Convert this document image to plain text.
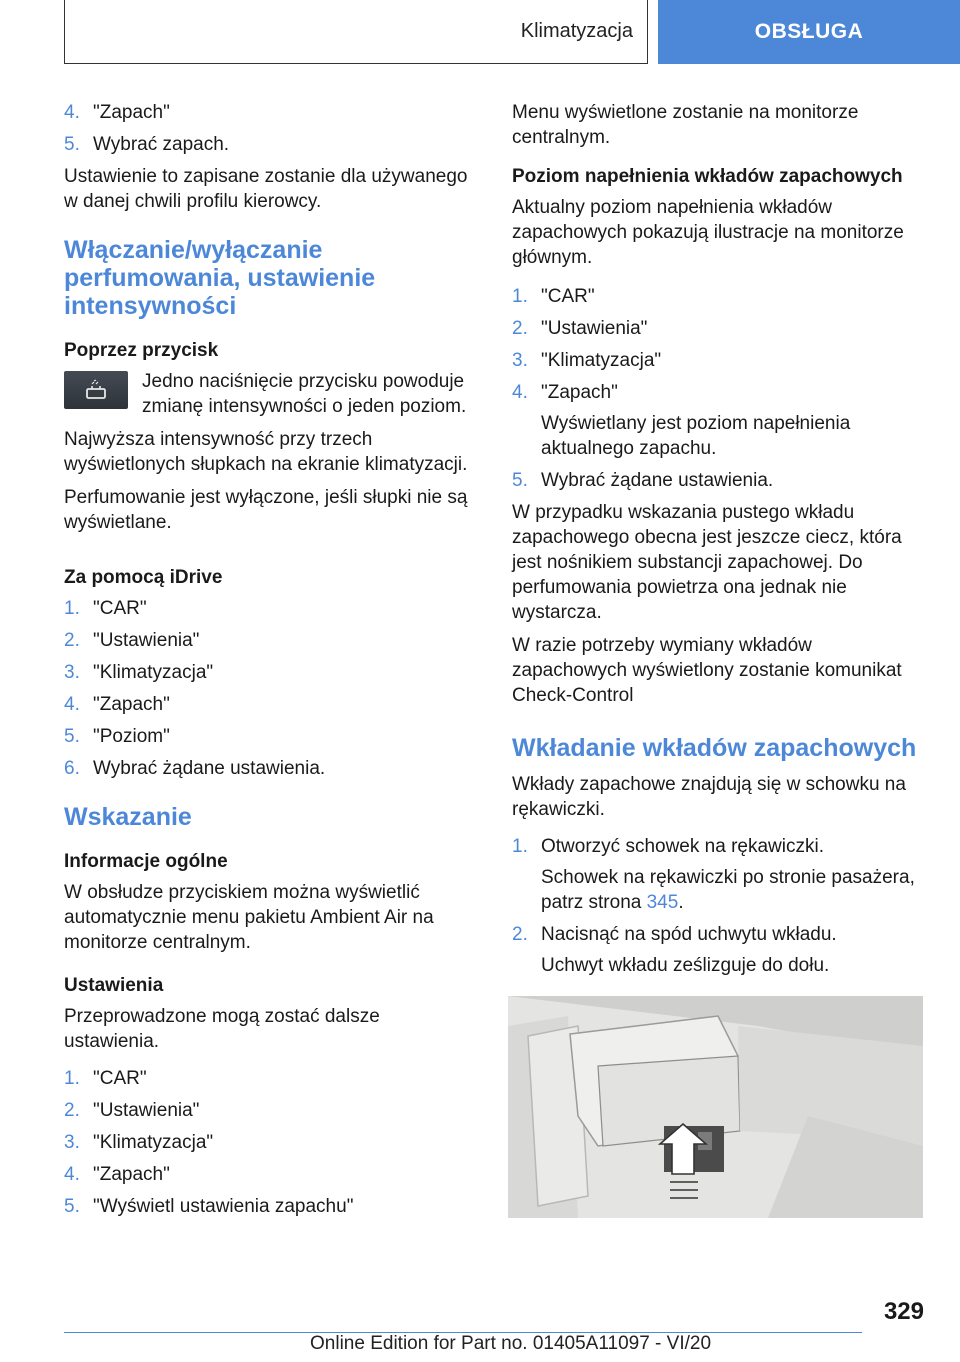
Klimatyzacja	OBSŁUGA
4. "Zapach"
5. Wybrać zapach.

Ustawienie to zapisane zostanie dla używanego w danej chwili profilu kierowcy.

Włączanie/wyłączanie perfumowania, ustawienie intensywności
Poprzez przycisk
Jedno naciśnięcie przycisku powoduje zmianę intensywności o jeden poziom.

Najwyższa intensywność przy trzech wyświetlonych słupkach na ekranie klimatyzacji.

Perfumowanie jest wyłączone, jeśli słupki nie są wyświetlane.

Za pomocą iDrive
1. "CAR"
2. "Ustawienia"
3. "Klimatyzacja"
4. "Zapach"
5. "Poziom"
6. Wybrać żądane ustawienia.
Wskazanie
Informacje ogólne

W obsłudze przyciskiem można wyświetlić automatycznie menu pakietu Ambient Air na monitorze centralnym.

Ustawienia

Przeprowadzone mogą zostać dalsze ustawienia.

1. "CAR"
2. "Ustawienia"
3. "Klimatyzacja"
4. "Zapach"
5. "Wyświetl ustawienia zapachu"

Menu wyświetlone zostanie na monitorze centralnym.

Poziom napełnienia wkładów zapachowych

Aktualny poziom napełnienia wkładów zapachowych pokazują ilustracje na monitorze głównym.

1. "CAR"
2. "Ustawienia"
3. "Klimatyzacja"
4. "Zapach"
Wyświetlany jest poziom napełnienia aktualnego zapachu.
5. Wybrać żądane ustawienia.

W przypadku wskazania pustego wkładu zapachowego obecna jest jeszcze ciecz, która jest nośnikiem substancji zapachowej. Do perfumowania powietrza ona jednak nie wystarcza.

W razie potrzeby wymiany wkładów zapachowych wyświetlony zostanie komunikat Check-Control

Wkładanie wkładów zapachowych

Wkłady zapachowe znajdują się w schowku na rękawiczki.

1. Otworzyć schowek na rękawiczki.
Schowek na rękawiczki po stronie pasażera, patrz strona 345.
2. Nacisnąć na spód uchwytu wkładu.
Uchwyt wkładu ześlizguje do dołu.
329
Online Edition for Part no. 01405A11097 - VI/20
